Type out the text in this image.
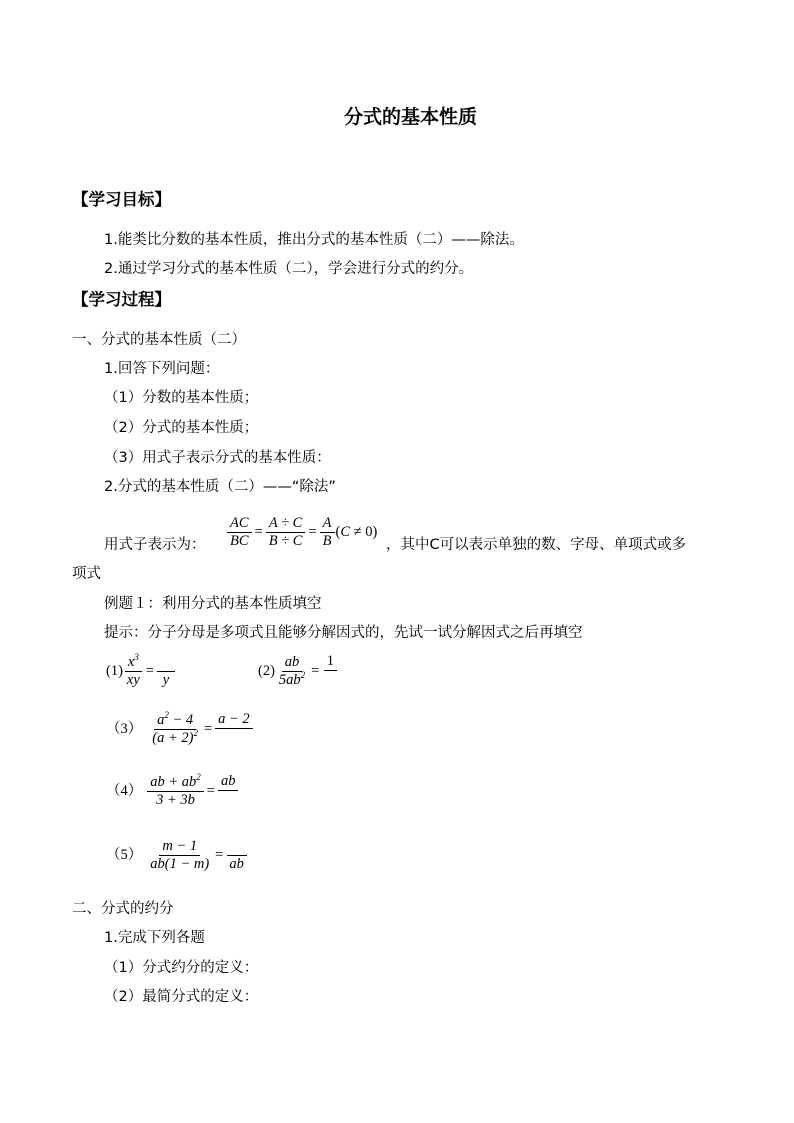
分式的基本性质
【学习目标】
1.能类比分数的基本性质，推出分式的基本性质（二）——除法。
2.通过学习分式的基本性质（二），学会进行分式的约分。
【学习过程】
一、分式的基本性质（二）
1.回答下列问题：
（1）分数的基本性质；
（2）分式的基本性质；
（3）用式子表示分式的基本性质：
2.分式的基本性质（二）——“除法”
用式子表示为： $\frac{AC}{BC} = \frac{A \div C}{B \div C} = \frac{A}{B} (C \ne 0)$
，其中C可以表示单独的数、字母、单项式或多
项式
例题１：利用分式的基本性质填空
提示：分子分母是多项式且能够分解因式的，先试一试分解因式之后再填空
$(1) \frac{x^3}{xy}$ =
y
$(2) \frac{ab}{5ab^2}$ =
1
$(3) \frac{a^2 - 4}{(a + 2)^2}$ =
a − 2
$(4) \frac{ab + ab^2}{3 + 3b}$ =
ab
$(5) \frac{m - 1}{ab(1 - m)}$ =
ab
二、分式的约分
1.完成下列各题
（1）分式约分的定义：
（2）最简分式的定义：
